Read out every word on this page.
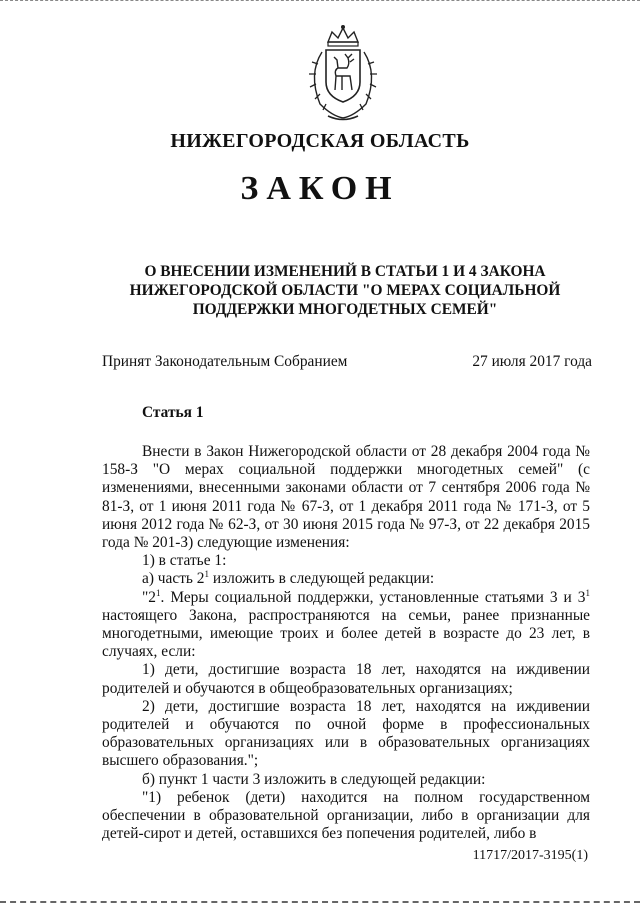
НИЖЕГОРОДСКАЯ ОБЛАСТЬ
ЗАКОН
О ВНЕСЕНИИ ИЗМЕНЕНИЙ В СТАТЬИ 1 И 4 ЗАКОНА НИЖЕГОРОДСКОЙ ОБЛАСТИ "О МЕРАХ СОЦИАЛЬНОЙ ПОДДЕРЖКИ МНОГОДЕТНЫХ СЕМЕЙ"
Принят Законодательным Собранием	27 июля 2017 года
Статья 1

Внести в Закон Нижегородской области от 28 декабря 2004 года № 158-З "О мерах социальной поддержки многодетных семей" (с изменениями, внесенными законами области от 7 сентября 2006 года № 81-З, от 1 июня 2011 года № 67-З, от 1 декабря 2011 года № 171-З, от 5 июня 2012 года № 62-З, от 30 июня 2015 года № 97-З, от 22 декабря 2015 года № 201-З) следующие изменения:

1) в статье 1:

а) часть $2^1$ изложить в следующей редакции:

"$2^1$. Меры социальной поддержки, установленные статьями 3 и $3^1$ настоящего Закона, распространяются на семьи, ранее признанные многодетными, имеющие троих и более детей в возрасте до 23 лет, в случаях, если:

1) дети, достигшие возраста 18 лет, находятся на иждивении родителей и обучаются в общеобразовательных организациях;

2) дети, достигшие возраста 18 лет, находятся на иждивении родителей и обучаются по очной форме в профессиональных образовательных организациях или в образовательных организациях высшего образования.";

б) пункт 1 части 3 изложить в следующей редакции:

"1) ребенок (дети) находится на полном государственном обеспечении в образовательной организации, либо в организации для детей-сирот и детей, оставшихся без попечения родителей, либо в

11717/2017-3195(1)
